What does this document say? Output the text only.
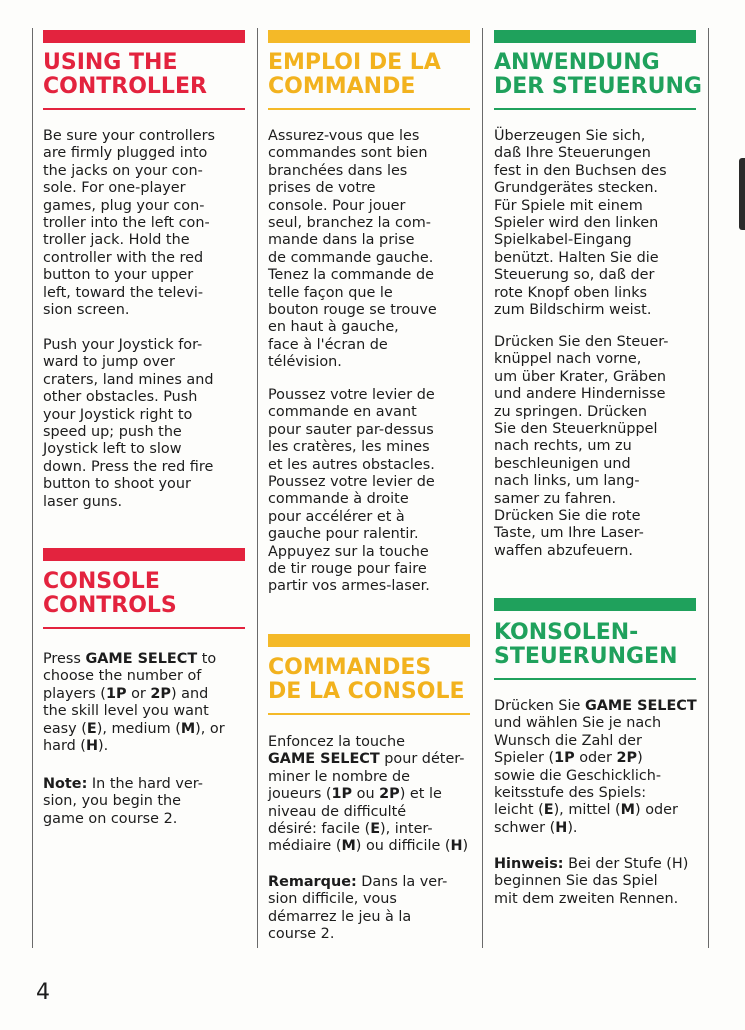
USING THE
CONTROLLER

Be sure your controllers
are firmly plugged into
the jacks on your con-
sole. For one-player
games, plug your con-
troller into the left con-
troller jack. Hold the
controller with the red
button to your upper
left, toward the televi-
sion screen.

Push your Joystick for-
ward to jump over
craters, land mines and
other obstacles. Push
your Joystick right to
speed up; push the
Joystick left to slow
down. Press the red fire
button to shoot your
laser guns.

CONSOLE
CONTROLS

Press GAME SELECT to
choose the number of
players (1P or 2P) and
the skill level you want
easy (E), medium (M), or
hard (H).

Note: In the hard ver-
sion, you begin the
game on course 2.

EMPLOI DE LA
COMMANDE

Assurez-vous que les
commandes sont bien
branchées dans les
prises de votre
console. Pour jouer
seul, branchez la com-
mande dans la prise
de commande gauche.
Tenez la commande de
telle façon que le
bouton rouge se trouve
en haut à gauche,
face à l'écran de
télévision.

Poussez votre levier de
commande en avant
pour sauter par-dessus
les cratères, les mines
et les autres obstacles.
Poussez votre levier de
commande à droite
pour accélérer et à
gauche pour ralentir.
Appuyez sur la touche
de tir rouge pour faire
partir vos armes-laser.

COMMANDES
DE LA CONSOLE

Enfoncez la touche
GAME SELECT pour déter-
miner le nombre de
joueurs (1P ou 2P) et le
niveau de difficulté
désiré: facile (E), inter-
médiaire (M) ou difficile (H)

Remarque: Dans la ver-
sion difficile, vous
démarrez le jeu à la
course 2.

ANWENDUNG
DER STEUERUNG

Überzeugen Sie sich,
daß Ihre Steuerungen
fest in den Buchsen des
Grundgerätes stecken.
Für Spiele mit einem
Spieler wird den linken
Spielkabel-Eingang
benützt. Halten Sie die
Steuerung so, daß der
rote Knopf oben links
zum Bildschirm weist.

Drücken Sie den Steuer-
knüppel nach vorne,
um über Krater, Gräben
und andere Hindernisse
zu springen. Drücken
Sie den Steuerknüppel
nach rechts, um zu
beschleunigen und
nach links, um lang-
samer zu fahren.
Drücken Sie die rote
Taste, um Ihre Laser-
waffen abzufeuern.

KONSOLEN-
STEUERUNGEN

Drücken Sie GAME SELECT
und wählen Sie je nach
Wunsch die Zahl der
Spieler (1P oder 2P)
sowie die Geschicklich-
keitsstufe des Spiels:
leicht (E), mittel (M) oder
schwer (H).

Hinweis: Bei der Stufe (H)
beginnen Sie das Spiel
mit dem zweiten Rennen.

4
